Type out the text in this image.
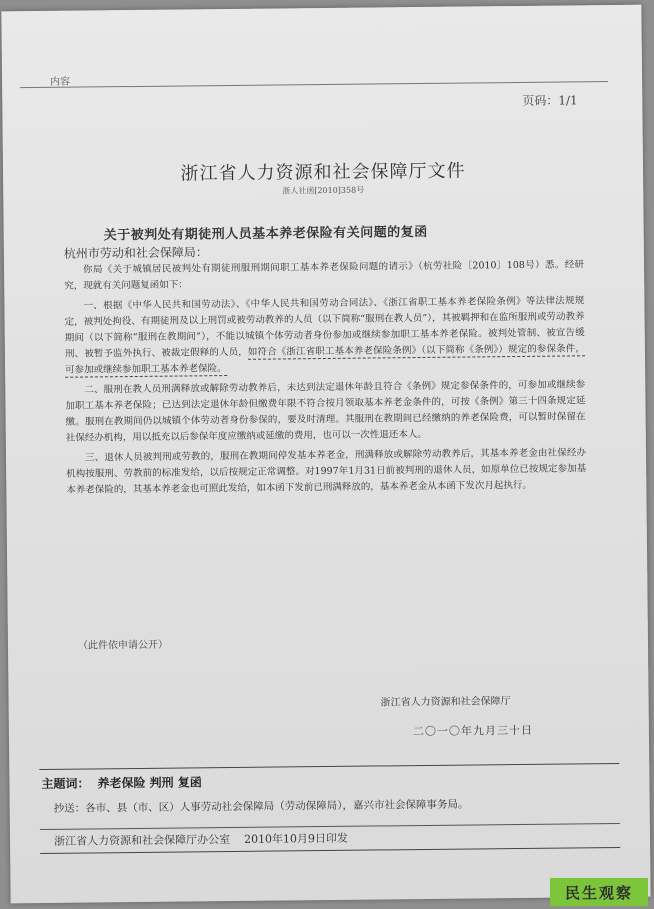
内容
页码：1/1
浙江省人力资源和社会保障厅文件
浙人社函[2010]358号
关于被判处有期徒刑人员基本养老保险有关问题的复函
杭州市劳动和社会保障局：

你局《关于城镇居民被判处有期徒刑服刑期间职工基本养老保险问题的请示》（杭劳社险〔2010〕108号）悉。经研究，现就有关问题复函如下：

一、根据《中华人民共和国劳动法》、《中华人民共和国劳动合同法》、《浙江省职工基本养老保险条例》等法律法规规定，被判处拘役、有期徒刑及以上刑罚或被劳动教养的人员（以下简称“服刑在教人员”），其被羁押和在监所服刑或劳动教养期间（以下简称“服刑在教期间”），不能以城镇个体劳动者身份参加或继续参加职工基本养老保险。被判处管制、被宣告缓刑、被暂予监外执行、被裁定假释的人员，如符合《浙江省职工基本养老保险条例》（以下简称《条例》）规定的参保条件，可参加或继续参加职工基本养老保险。

二、服刑在教人员刑满释放或解除劳动教养后，未达到法定退休年龄且符合《条例》规定参保条件的，可参加或继续参加职工基本养老保险；已达到法定退休年龄但缴费年限不符合按月领取基本养老金条件的，可按《条例》第三十四条规定延缴。服刑在教期间仍以城镇个体劳动者身份参保的，要及时清理。其服刑在教期间已经缴纳的养老保险费，可以暂时保留在社保经办机构，用以抵充以后参保年度应缴纳或延缴的费用，也可以一次性退还本人。

三、退休人员被判刑或劳教的，服刑在教期间停发基本养老金，刑满释放或解除劳动教养后，其基本养老金由社保经办机构按服刑、劳教前的标准发给，以后按规定正常调整。对1997年1月31日前被判刑的退休人员，如原单位已按规定参加基本养老保险的，其基本养老金也可照此发给，如本函下发前已刑满释放的，基本养老金从本函下发次月起执行。

（此件依申请公开）
浙江省人力资源和社会保障厅
二〇一〇年九月三十日
主题词： 养老保险 判刑 复函
抄送：各市、县（市、区）人事劳动社会保障局（劳动保障局），嘉兴市社会保障事务局。
浙江省人力资源和社会保障厅办公室 2010年10月9日印发
民生观察
